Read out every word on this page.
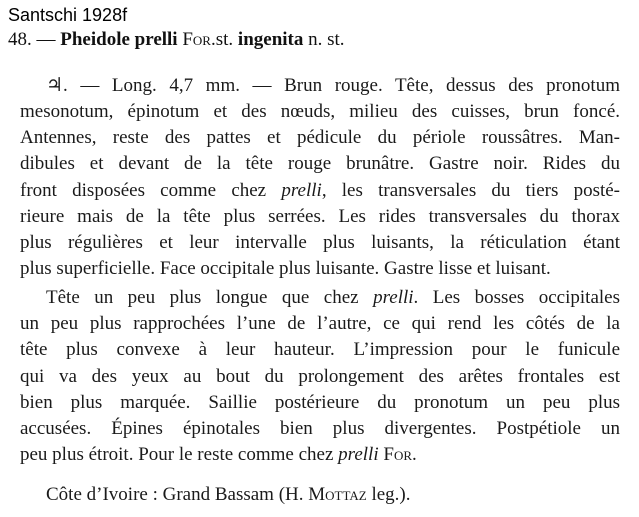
Santschi 1928f
48. — Pheidole prelli For.st. ingenita n. st.
♃. — Long. 4,7 mm. — Brun rouge. Tête, dessus des pronotum
mesonotum, épinotum et des nœuds, milieu des cuisses, brun foncé.
Antennes, reste des pattes et pédicule du périole roussâtres. Man-
dibules et devant de la tête rouge brunâtre. Gastre noir. Rides du
front disposées comme chez prelli, les transversales du tiers posté-
rieure mais de la tête plus serrées. Les rides transversales du thorax
plus régulières et leur intervalle plus luisants, la réticulation étant
plus superficielle. Face occipitale plus luisante. Gastre lisse et luisant.
Tête un peu plus longue que chez prelli. Les bosses occipitales
un peu plus rapprochées l’une de l’autre, ce qui rend les côtés de la
tête plus convexe à leur hauteur. L’impression pour le funicule
qui va des yeux au bout du prolongement des arêtes frontales est
bien plus marquée. Saillie postérieure du pronotum un peu plus
accusées. Épines épinotales bien plus divergentes. Postpétiole un
peu plus étroit. Pour le reste comme chez prelli For.
Côte d’Ivoire : Grand Bassam (H. Mottaz leg.).
